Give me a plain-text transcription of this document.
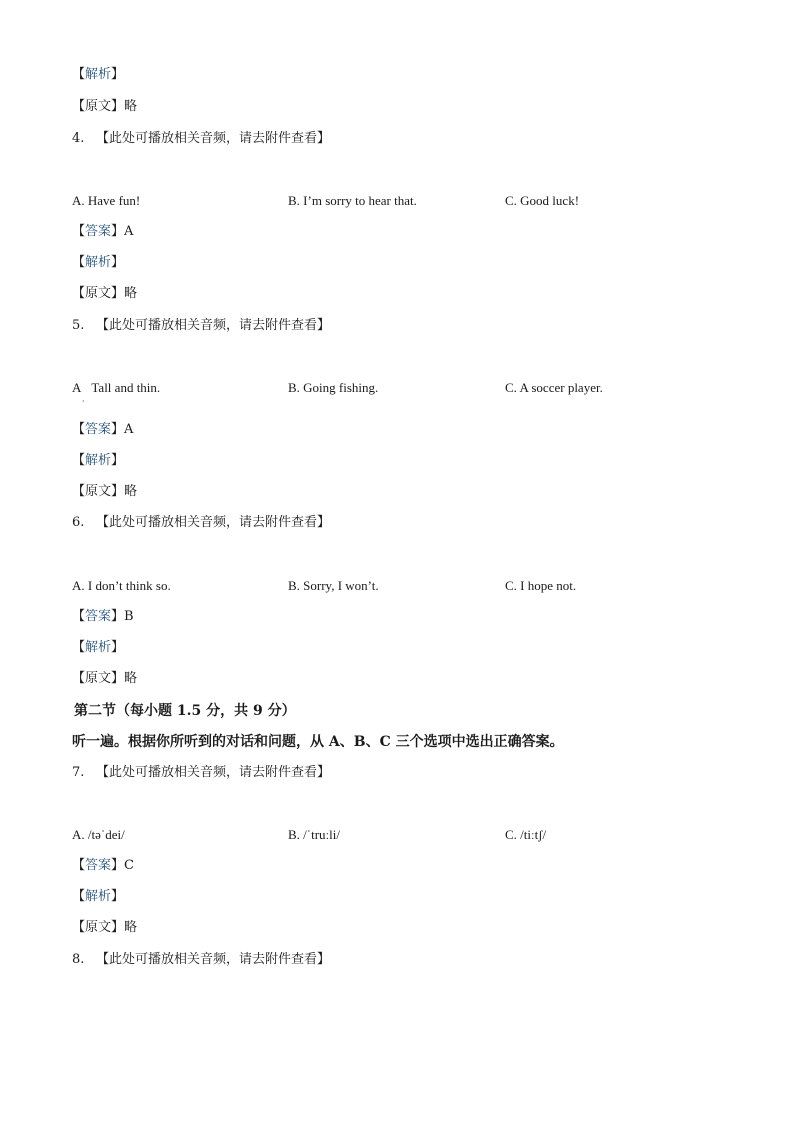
【解析】
【原文】略
4. 【此处可播放相关音频，请去附件查看】
A. Have fun!	B. I’m sorry to hear that.	C. Good luck!
【答案】A
【解析】
【原文】略
5. 【此处可播放相关音频，请去附件查看】
A Tall and thin.
·
B. Going fishing.	C. A soccer player.
【答案】A
【解析】
【原文】略
6. 【此处可播放相关音频，请去附件查看】
A. I don’t think so.	B. Sorry, I won’t.	C. I hope not.
【答案】B
【解析】
【原文】略
第二节（每小题 1.5 分，共 9 分）
听一遍。根据你所听到的对话和问题，从 A、B、C 三个选项中选出正确答案。
7. 【此处可播放相关音频，请去附件查看】
A. /təˈdei/	B. /ˈtruːli/	C. /tiːtʃ/
【答案】C
【解析】
【原文】略
8. 【此处可播放相关音频，请去附件查看】
